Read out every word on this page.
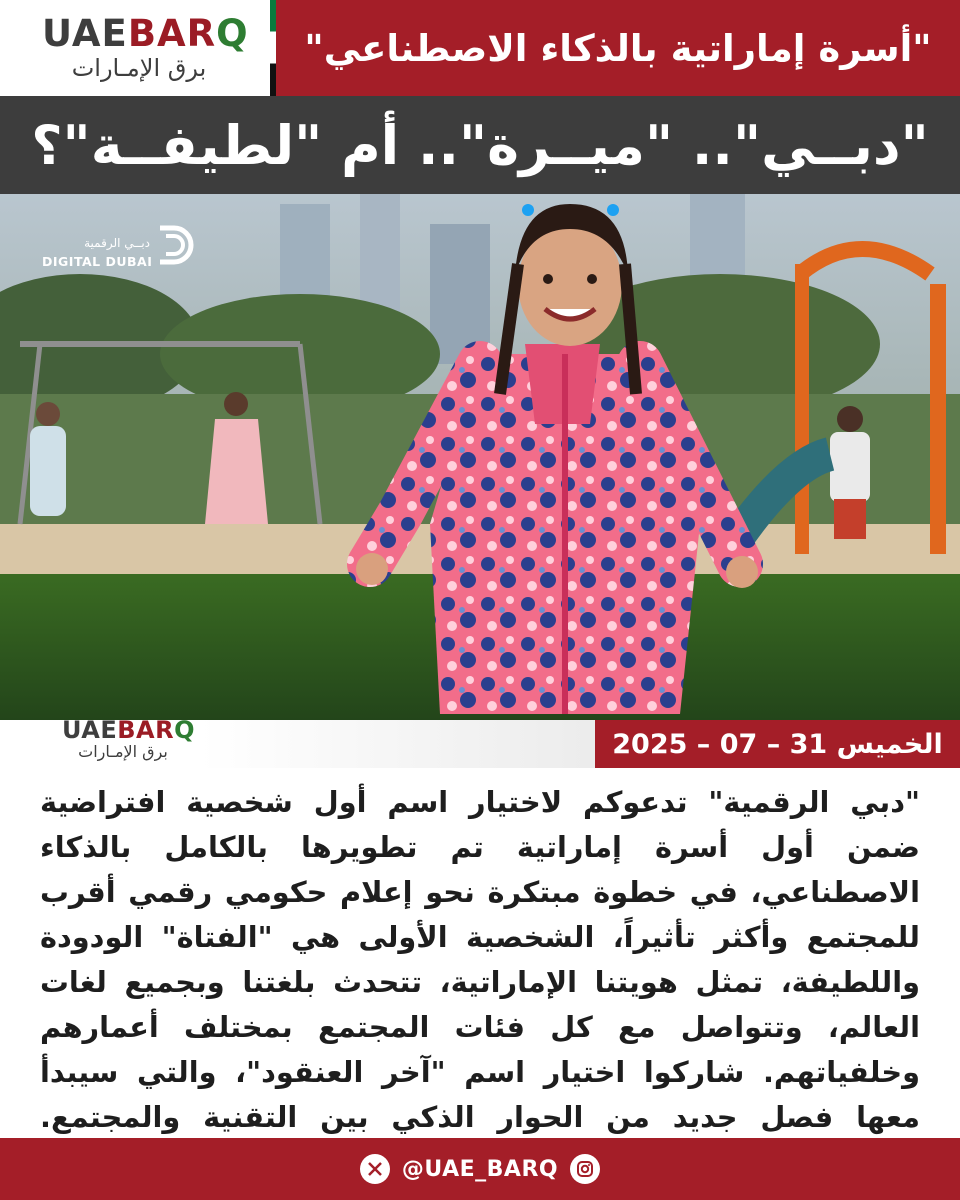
UAEBARQ
برق الإمـارات	"أسرة إماراتية بالذكاء الاصطناعي"
"دبــي".. "ميــرة".. أم "لطيفــة"؟
دبــي الرقمية
DIGITAL DUBAI
UAEBARQ
برق الإمـارات	الخميس 31 – 07 – 2025

"دبي الرقمية" تدعوكم لاختيار اسم أول شخصية افتراضية ضمن أول أسرة إماراتية تم تطويرها بالكامل بالذكاء الاصطناعي، في خطوة مبتكرة نحو إعلام حكومي رقمي أقرب للمجتمع وأكثر تأثيراً، الشخصية الأولى هي "الفتاة" الودودة واللطيفة، تمثل هويتنا الإماراتية، تتحدث بلغتنا وبجميع لغات العالم، وتتواصل مع كل فئات المجتمع بمختلف أعمارهم وخلفياتهم. شاركوا اختيار اسم "آخر العنقود"، والتي سيبدأ معها فصل جديد من الحوار الذكي بين التقنية والمجتمع.

@UAE_BARQ
